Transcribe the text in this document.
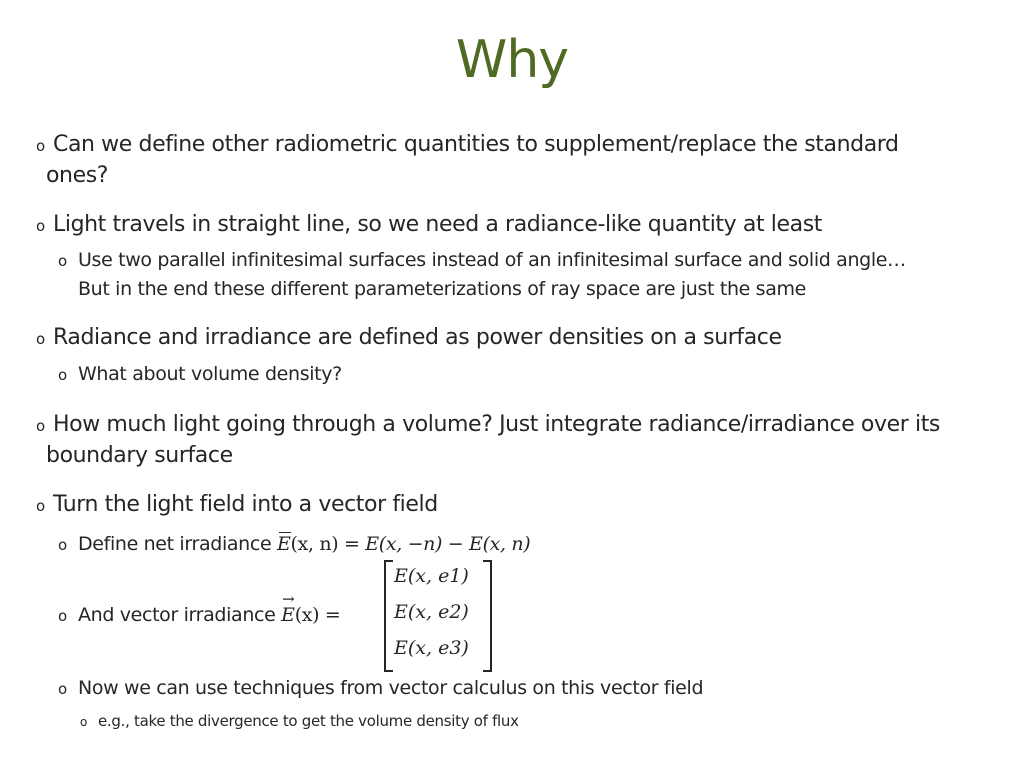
Why
o Can we define other radiometric quantities to supplement/replace the standard
ones?
o Light travels in straight line, so we need a radiance-like quantity at least
o Use two parallel infinitesimal surfaces instead of an infinitesimal surface and solid angle…
But in the end these different parameterizations of ray space are just the same
o Radiance and irradiance are defined as power densities on a surface
o What about volume density?
o How much light going through a volume? Just integrate radiance/irradiance over its
boundary surface
o Turn the light field into a vector field
o Define net irradiance E(x, n) = E(x, −n) − E(x, n)
o And vector irradiance → E(x) =
E(x, e1)
E(x, e2)
E(x, e3)
o Now we can use techniques from vector calculus on this vector field
o e.g., take the divergence to get the volume density of flux
